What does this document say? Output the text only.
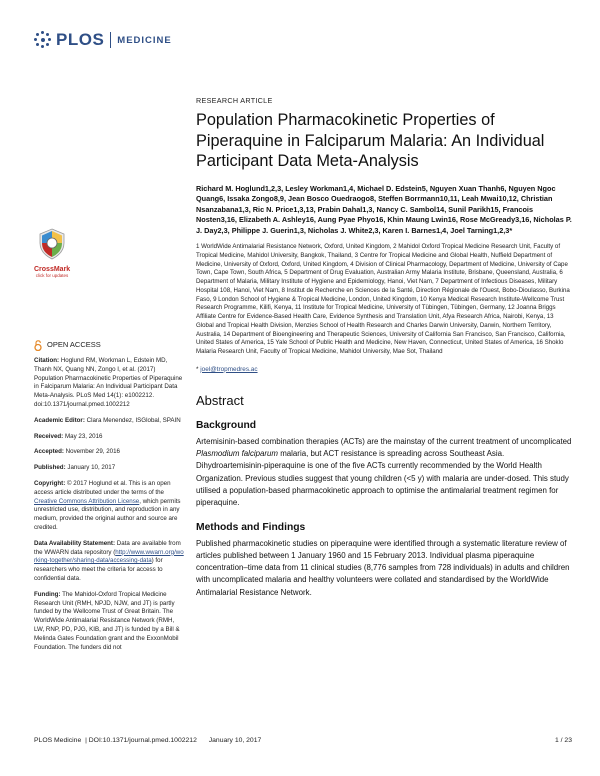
PLOS MEDICINE
CrossMark
click for updates
OPEN ACCESS
Citation: Hoglund RM, Workman L, Edstein MD, Thanh NX, Quang NN, Zongo I, et al. (2017) Population Pharmacokinetic Properties of Piperaquine in Falciparum Malaria: An Individual Participant Data Meta-Analysis. PLoS Med 14(1): e1002212. doi:10.1371/journal.pmed.1002212
Academic Editor: Clara Menendez, ISGlobal, SPAIN
Received: May 23, 2016
Accepted: November 29, 2016
Published: January 10, 2017
Copyright: © 2017 Hoglund et al. This is an open access article distributed under the terms of the Creative Commons Attribution License, which permits unrestricted use, distribution, and reproduction in any medium, provided the original author and source are credited.
Data Availability Statement: Data are available from the WWARN data repository (http://www.wwarn.org/working-together/sharing-data/accessing-data) for researchers who meet the criteria for access to confidential data.
Funding: The Mahidol-Oxford Tropical Medicine Research Unit (RMH, NPJD, NJW, and JT) is partly funded by the Wellcome Trust of Great Britain. The WorldWide Antimalarial Resistance Network (RMH, LW, RNP, PD, PJG, KIB, and JT) is funded by a Bill & Melinda Gates Foundation grant and the ExxonMobil Foundation. The funders did not
RESEARCH ARTICLE
Population Pharmacokinetic Properties of Piperaquine in Falciparum Malaria: An Individual Participant Data Meta-Analysis
Richard M. Hoglund1,2,3, Lesley Workman1,4, Michael D. Edstein5, Nguyen Xuan Thanh6, Nguyen Ngoc Quang6, Issaka Zongo8,9, Jean Bosco Ouedraogo8, Steffen Borrmann10,11, Leah Mwai10,12, Christian Nsanzabana1,3, Ric N. Price1,3,13, Prabin Dahal1,3, Nancy C. Sambol14, Sunil Parikh15, Francois Nosten3,16, Elizabeth A. Ashley16, Aung Pyae Phyo16, Khin Maung Lwin16, Rose McGready3,16, Nicholas P. J. Day2,3, Philippe J. Guerin1,3, Nicholas J. White2,3, Karen I. Barnes1,4, Joel Tarning1,2,3*
1 WorldWide Antimalarial Resistance Network, Oxford, United Kingdom, 2 Mahidol Oxford Tropical Medicine Research Unit, Faculty of Tropical Medicine, Mahidol University, Bangkok, Thailand, 3 Centre for Tropical Medicine and Global Health, Nuffield Department of Medicine, University of Oxford, Oxford, United Kingdom, 4 Division of Clinical Pharmacology, Department of Medicine, University of Cape Town, Cape Town, South Africa, 5 Department of Drug Evaluation, Australian Army Malaria Institute, Brisbane, Queensland, Australia, 6 Department of Malaria, Military Institute of Hygiene and Epidemiology, Hanoi, Viet Nam, 7 Department of Infectious Diseases, Military Hospital 108, Hanoi, Viet Nam, 8 Institut de Recherche en Sciences de la Santé, Direction Régionale de l'Ouest, Bobo-Dioulasso, Burkina Faso, 9 London School of Hygiene & Tropical Medicine, London, United Kingdom, 10 Kenya Medical Research Institute-Wellcome Trust Research Programme, Kilifi, Kenya, 11 Institute for Tropical Medicine, University of Tübingen, Tübingen, Germany, 12 Joanna Briggs Affiliate Centre for Evidence-Based Health Care, Evidence Synthesis and Translation Unit, Afya Research Africa, Nairobi, Kenya, 13 Global and Tropical Health Division, Menzies School of Health Research and Charles Darwin University, Darwin, Northern Territory, Australia, 14 Department of Bioengineering and Therapeutic Sciences, University of California San Francisco, San Francisco, California, United States of America, 15 Yale School of Public Health and Medicine, New Haven, Connecticut, United States of America, 16 Shoklo Malaria Research Unit, Faculty of Tropical Medicine, Mahidol University, Mae Sot, Thailand
* joel@tropmedres.ac
Abstract
Background
Artemisinin-based combination therapies (ACTs) are the mainstay of the current treatment of uncomplicated Plasmodium falciparum malaria, but ACT resistance is spreading across Southeast Asia. Dihydroartemisinin-piperaquine is one of the five ACTs currently recommended by the World Health Organization. Previous studies suggest that young children (<5 y) with malaria are under-dosed. This study utilised a population-based pharmacokinetic approach to optimise the antimalarial treatment regimen for piperaquine.
Methods and Findings
Published pharmacokinetic studies on piperaquine were identified through a systematic literature review of articles published between 1 January 1960 and 15 February 2013. Individual plasma piperaquine concentration–time data from 11 clinical studies (8,776 samples from 728 individuals) in adults and children with uncomplicated malaria and healthy volunteers were collated and standardised by the WorldWide Antimalarial Resistance Network.
PLOS Medicine | DOI:10.1371/journal.pmed.1002212 January 10, 2017	1 / 23
